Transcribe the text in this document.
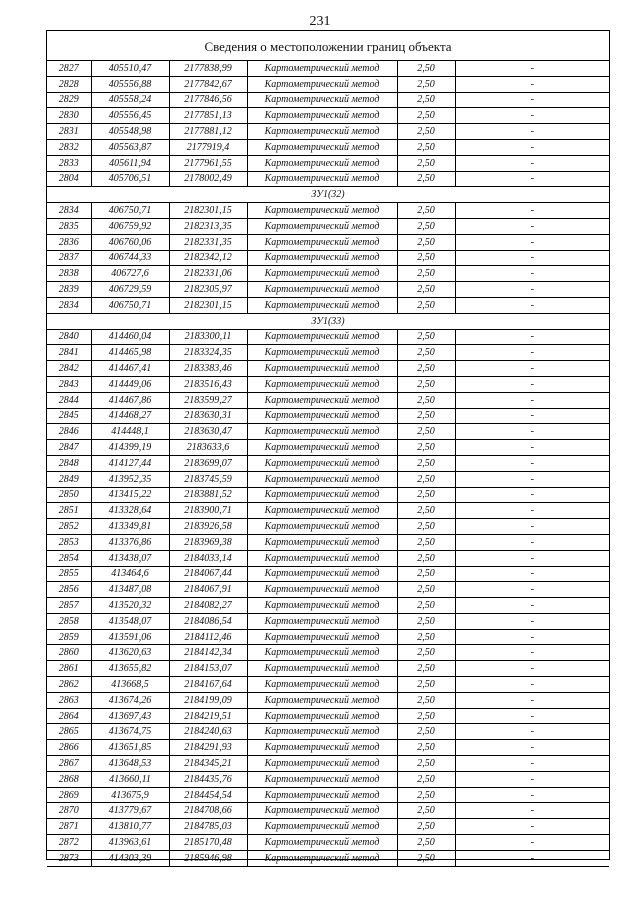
231
Сведения о местоположении границ объекта
2827	405510,47	2177838,99	Картометрический метод	2,50	-
2828	405556,88	2177842,67	Картометрический метод	2,50	-
2829	405558,24	2177846,56	Картометрический метод	2,50	-
2830	405556,45	2177851,13	Картометрический метод	2,50	-
2831	405548,98	2177881,12	Картометрический метод	2,50	-
2832	405563,87	2177919,4	Картометрический метод	2,50	-
2833	405611,94	2177961,55	Картометрический метод	2,50	-
2804	405706,51	2178002,49	Картометрический метод	2,50	-
ЗУ1(32)					
2834	406750,71	2182301,15	Картометрический метод	2,50	-
2835	406759,92	2182313,35	Картометрический метод	2,50	-
2836	406760,06	2182331,35	Картометрический метод	2,50	-
2837	406744,33	2182342,12	Картометрический метод	2,50	-
2838	406727,6	2182331,06	Картометрический метод	2,50	-
2839	406729,59	2182305,97	Картометрический метод	2,50	-
2834	406750,71	2182301,15	Картометрический метод	2,50	-
ЗУ1(33)					
2840	414460,04	2183300,11	Картометрический метод	2,50	-
2841	414465,98	2183324,35	Картометрический метод	2,50	-
2842	414467,41	2183383,46	Картометрический метод	2,50	-
2843	414449,06	2183516,43	Картометрический метод	2,50	-
2844	414467,86	2183599,27	Картометрический метод	2,50	-
2845	414468,27	2183630,31	Картометрический метод	2,50	-
2846	414448,1	2183630,47	Картометрический метод	2,50	-
2847	414399,19	2183633,6	Картометрический метод	2,50	-
2848	414127,44	2183699,07	Картометрический метод	2,50	-
2849	413952,35	2183745,59	Картометрический метод	2,50	-
2850	413415,22	2183881,52	Картометрический метод	2,50	-
2851	413328,64	2183900,71	Картометрический метод	2,50	-
2852	413349,81	2183926,58	Картометрический метод	2,50	-
2853	413376,86	2183969,38	Картометрический метод	2,50	-
2854	413438,07	2184033,14	Картометрический метод	2,50	-
2855	413464,6	2184067,44	Картометрический метод	2,50	-
2856	413487,08	2184067,91	Картометрический метод	2,50	-
2857	413520,32	2184082,27	Картометрический метод	2,50	-
2858	413548,07	2184086,54	Картометрический метод	2,50	-
2859	413591,06	2184112,46	Картометрический метод	2,50	-
2860	413620,63	2184142,34	Картометрический метод	2,50	-
2861	413655,82	2184153,07	Картометрический метод	2,50	-
2862	413668,5	2184167,64	Картометрический метод	2,50	-
2863	413674,26	2184199,09	Картометрический метод	2,50	-
2864	413697,43	2184219,51	Картометрический метод	2,50	-
2865	413674,75	2184240,63	Картометрический метод	2,50	-
2866	413651,85	2184291,93	Картометрический метод	2,50	-
2867	413648,53	2184345,21	Картометрический метод	2,50	-
2868	413660,11	2184435,76	Картометрический метод	2,50	-
2869	413675,9	2184454,54	Картометрический метод	2,50	-
2870	413779,67	2184708,66	Картометрический метод	2,50	-
2871	413810,77	2184785,03	Картометрический метод	2,50	-
2872	413963,61	2185170,48	Картометрический метод	2,50	-
2873	414303,39	2185946,98	Картометрический метод	2,50	-
